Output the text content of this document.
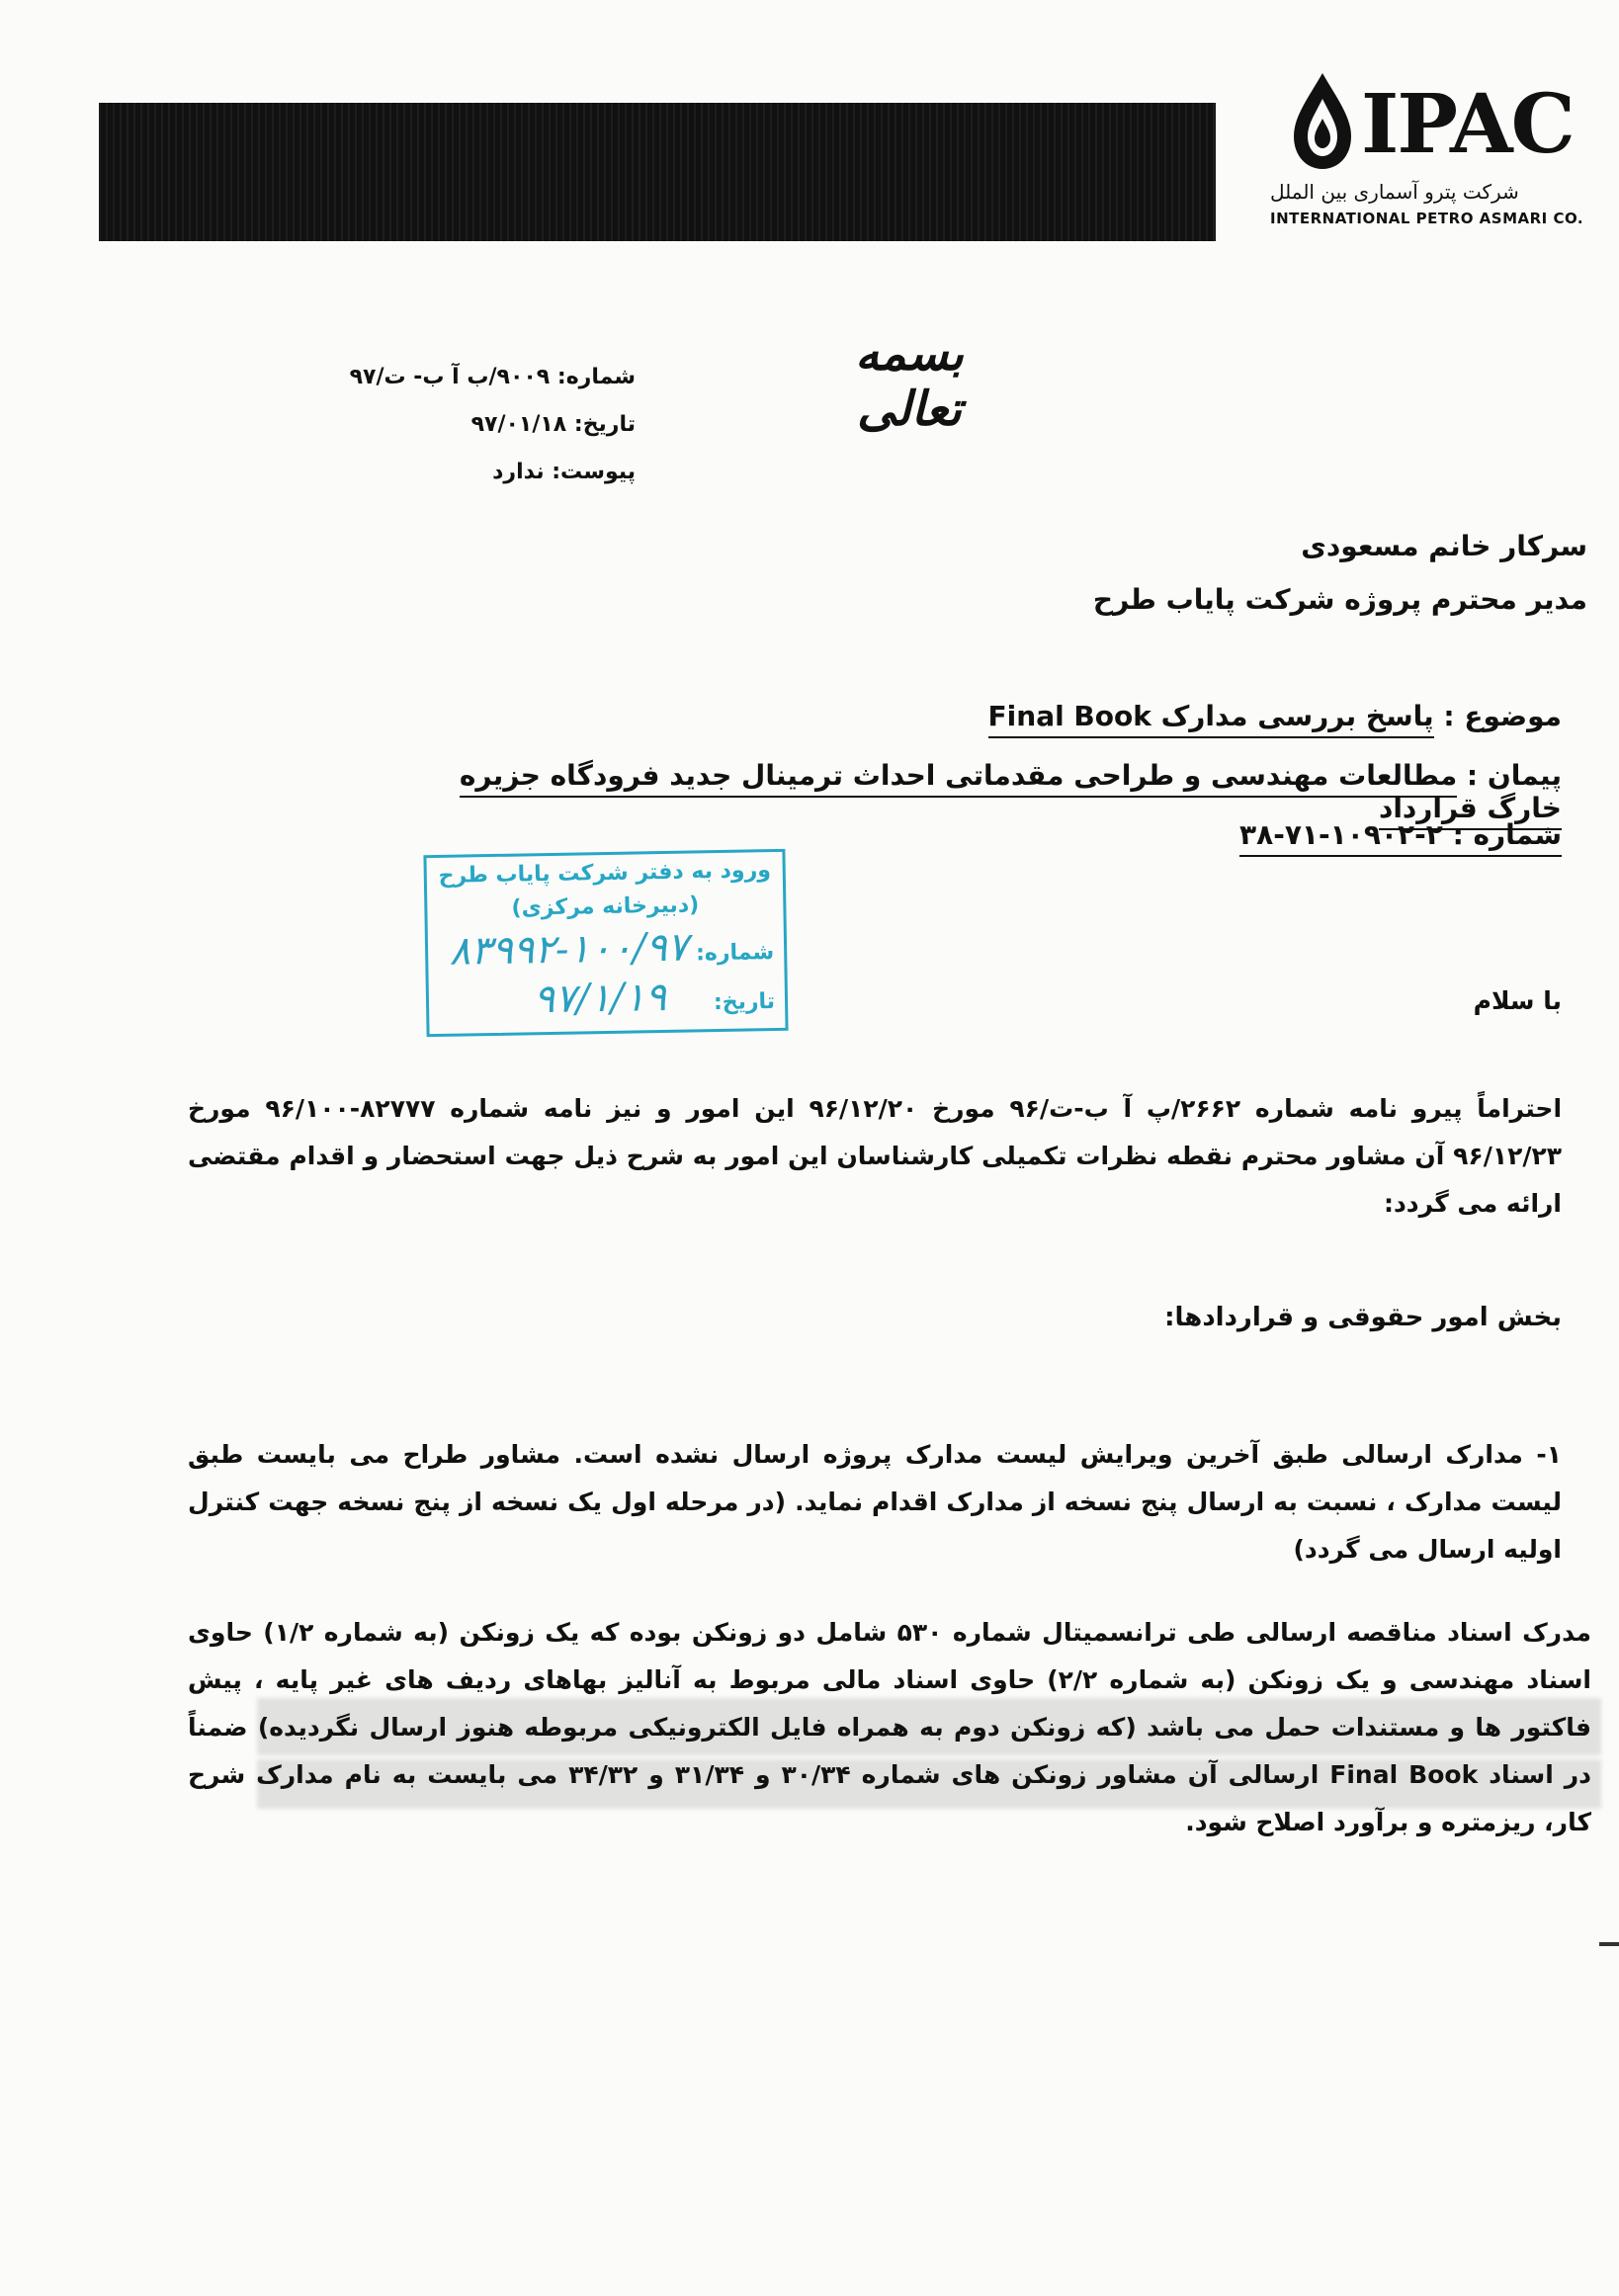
IPAC
شرکت پترو آسماری بین الملل
INTERNATIONAL PETRO ASMARI CO.
بسمه تعالی
شماره: ۹۰۰۹/ب آ ب- ت/۹۷
تاریخ: ۹۷/۰۱/۱۸
پیوست: ندارد
سرکار خانم مسعودی
مدیر محترم پروژه شرکت پایاب طرح
موضوع : پاسخ بررسی مدارک Final Book
پیمان : مطالعات مهندسی و طراحی مقدماتی احداث ترمینال جدید فرودگاه جزیره خارگ قرارداد
شماره : ۲-۱۰۹۰۲-۷۱-۳۸
ورود به دفتر شرکت پایاب طرح
(دبیرخانه مرکزی)
شماره: ۱۰۰/۹۷-۸۳۹۹۲
تاریخ: ۹۷/۱/۱۹	با سلام
احتراماً پیرو نامه شماره ۲۶۶۲/پ آ ب-ت/۹۶ مورخ ۹۶/۱۲/۲۰ این امور و نیز نامه شماره ۸۲۷۷۷-۹۶/۱۰۰ مورخ ۹۶/۱۲/۲۳ آن مشاور محترم نقطه نظرات تکمیلی کارشناسان این امور به شرح ذیل جهت استحضار و اقدام مقتضی ارائه می گردد:
بخش امور حقوقی و قراردادها:
۱- مدارک ارسالی طبق آخرین ویرایش لیست مدارک پروژه ارسال نشده است. مشاور طراح می بایست طبق لیست مدارک ، نسبت به ارسال پنج نسخه از مدارک اقدام نماید. (در مرحله اول یک نسخه از پنج نسخه جهت کنترل اولیه ارسال می گردد)
مدرک اسناد مناقصه ارسالی طی ترانسمیتال شماره ۵۳۰ شامل دو زونکن بوده که یک زونکن (به شماره ۱/۲) حاوی اسناد مهندسی و یک زونکن (به شماره ۲/۲) حاوی اسناد مالی مربوط به آنالیز بهاهای ردیف های غیر پایه ، پیش فاکتور ها و مستندات حمل می باشد (که زونکن دوم به همراه فایل الکترونیکی مربوطه هنوز ارسال نگردیده) ضمناً در اسناد Final Book ارسالی آن مشاور زونکن های شماره ۳۰/۳۴ و ۳۱/۳۴ و ۳۴/۳۲ می بایست به نام مدارک شرح کار، ریزمتره و برآورد اصلاح شود.
